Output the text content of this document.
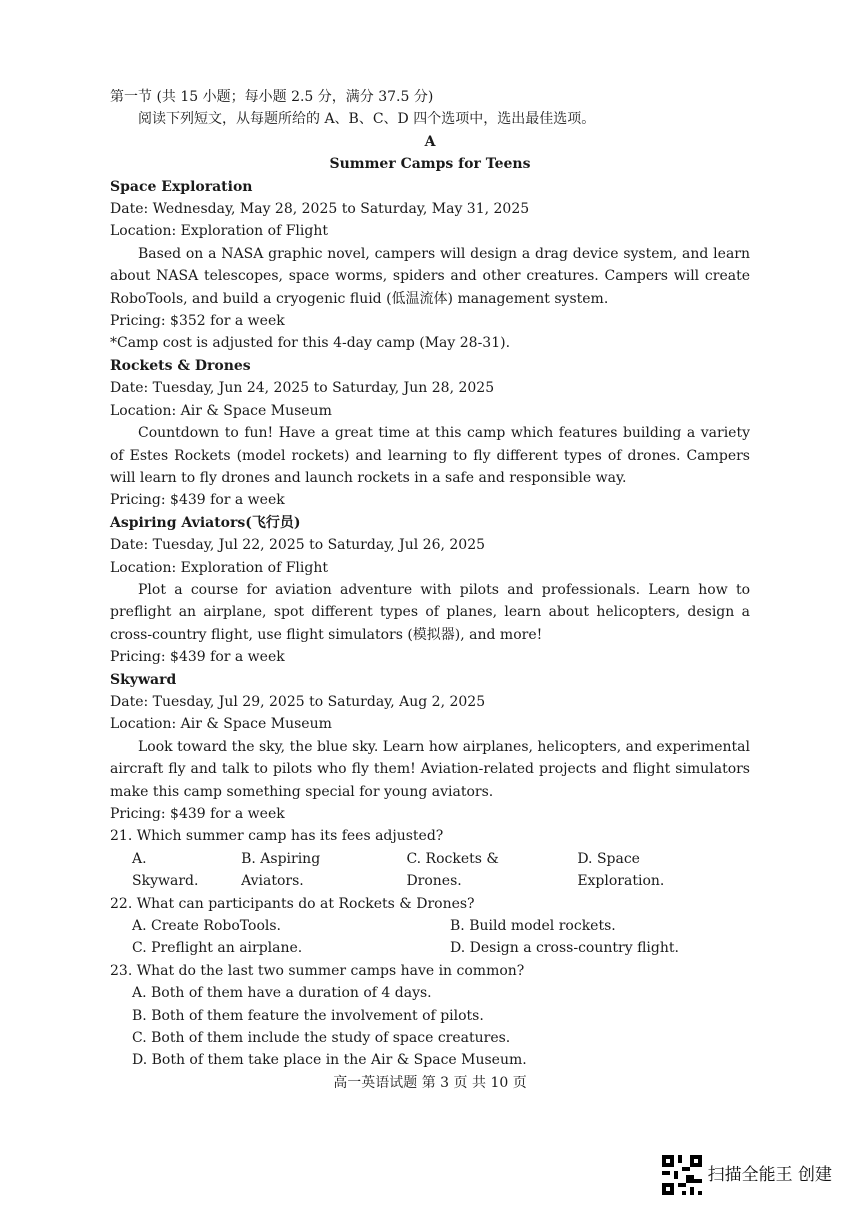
第一节 (共 15 小题；每小题 2.5 分，满分 37.5 分)

阅读下列短文，从每题所给的 A、B、C、D 四个选项中，选出最佳选项。

A

Summer Camps for Teens

Space Exploration

Date: Wednesday, May 28, 2025 to Saturday, May 31, 2025

Location: Exploration of Flight

Based on a NASA graphic novel, campers will design a drag device system, and learn about NASA telescopes, space worms, spiders and other creatures. Campers will create RoboTools, and build a cryogenic fluid (低温流体) management system.

Pricing: $352 for a week

*Camp cost is adjusted for this 4-day camp (May 28-31).

Rockets & Drones

Date: Tuesday, Jun 24, 2025 to Saturday, Jun 28, 2025

Location: Air & Space Museum

Countdown to fun! Have a great time at this camp which features building a variety of Estes Rockets (model rockets) and learning to fly different types of drones. Campers will learn to fly drones and launch rockets in a safe and responsible way.

Pricing: $439 for a week

Aspiring Aviators(飞行员)

Date: Tuesday, Jul 22, 2025 to Saturday, Jul 26, 2025

Location: Exploration of Flight

Plot a course for aviation adventure with pilots and professionals. Learn how to preflight an airplane, spot different types of planes, learn about helicopters, design a cross-country flight, use flight simulators (模拟器), and more!

Pricing: $439 for a week

Skyward

Date: Tuesday, Jul 29, 2025 to Saturday, Aug 2, 2025

Location: Air & Space Museum

Look toward the sky, the blue sky. Learn how airplanes, helicopters, and experimental aircraft fly and talk to pilots who fly them! Aviation-related projects and flight simulators make this camp something special for young aviators.

Pricing: $439 for a week

21. Which summer camp has its fees adjusted?

A. Skyward.
B. Aspiring Aviators.
C. Rockets & Drones.
D. Space Exploration.

22. What can participants do at Rockets & Drones?

A. Create RoboTools.	B. Build model rockets.
C. Preflight an airplane.	D. Design a cross-country flight.

23. What do the last two summer camps have in common?

A. Both of them have a duration of 4 days.

B. Both of them feature the involvement of pilots.

C. Both of them include the study of space creatures.

D. Both of them take place in the Air & Space Museum.

高一英语试题 第 3 页 共 10 页

扫描全能王 创建
